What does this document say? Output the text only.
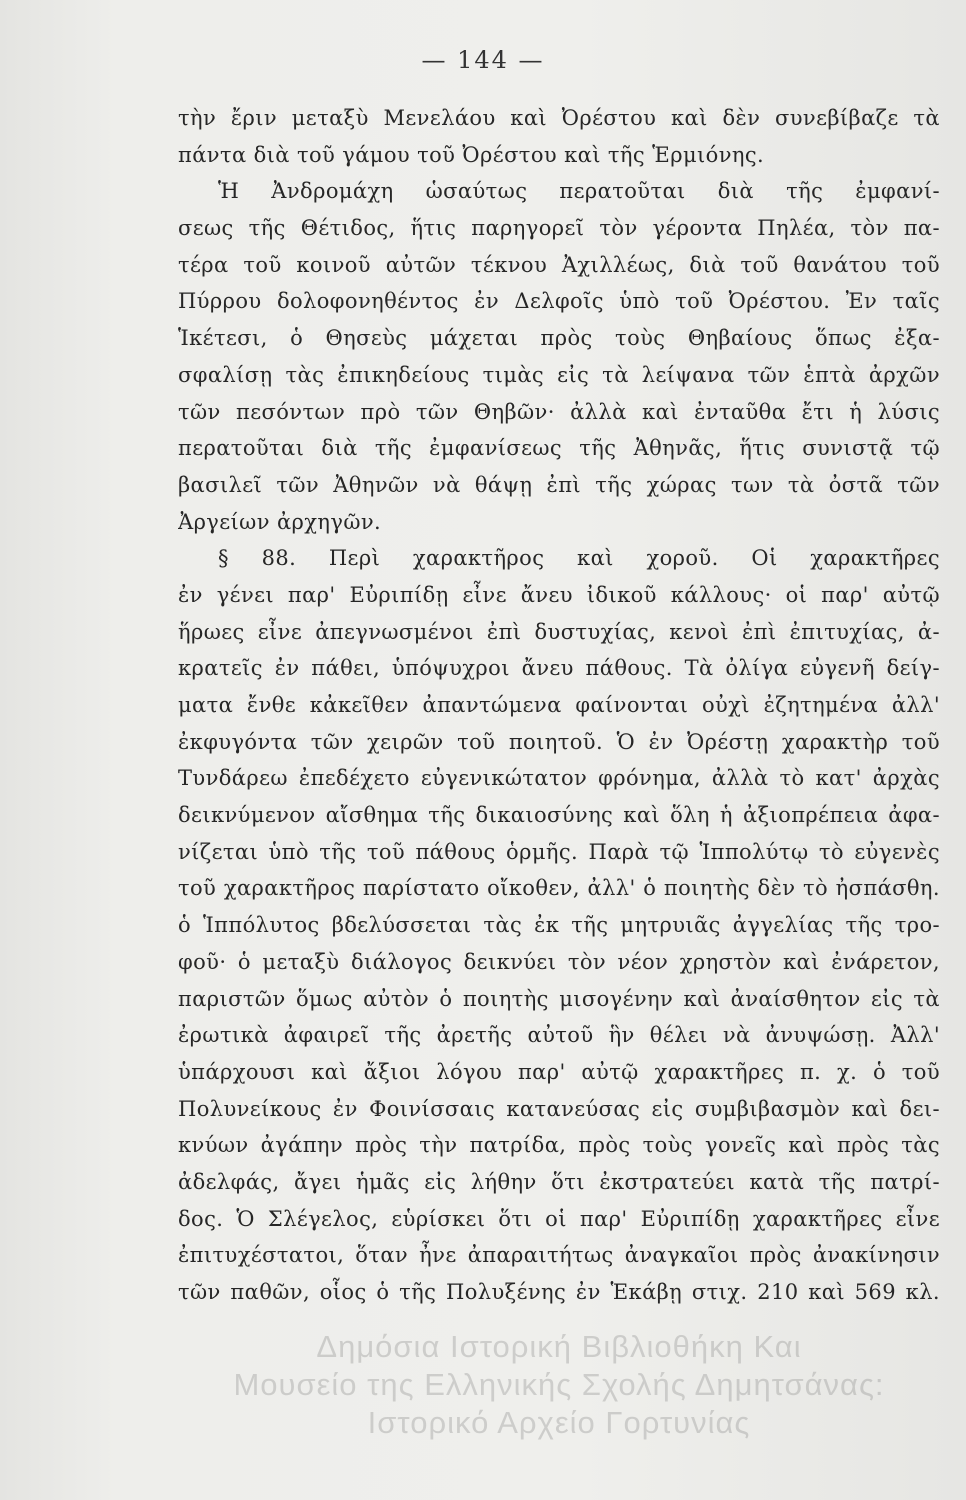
— 144 —
τὴν ἔριν μεταξὺ Μενελάου καὶ Ὀρέστου καὶ δὲν συνεβίβαζε τὰ
πάντα διὰ τοῦ γάμου τοῦ Ὀρέστου καὶ τῆς Ἑρμιόνης.
Ἡ Ἀνδρομάχη ὡσαύτως περατοῦται διὰ τῆς ἐμφανί-
σεως τῆς Θέτιδος, ἥτις παρηγορεῖ τὸν γέροντα Πηλέα, τὸν πα-
τέρα τοῦ κοινοῦ αὐτῶν τέκνου Ἀχιλλέως, διὰ τοῦ θανάτου τοῦ
Πύρρου δολοφονηθέντος ἐν Δελφοῖς ὑπὸ τοῦ Ὀρέστου. Ἐν ταῖς
Ἱκέτεσι, ὁ Θησεὺς μάχεται πρὸς τοὺς Θηβαίους ὅπως ἐξα-
σφαλίσῃ τὰς ἐπικηδείους τιμὰς εἰς τὰ λείψανα τῶν ἑπτὰ ἀρχῶν
τῶν πεσόντων πρὸ τῶν Θηβῶν· ἀλλὰ καὶ ἐνταῦθα ἔτι ἡ λύσις
περατοῦται διὰ τῆς ἐμφανίσεως τῆς Ἀθηνᾶς, ἥτις συνιστᾷ τῷ
βασιλεῖ τῶν Ἀθηνῶν νὰ θάψῃ ἐπὶ τῆς χώρας των τὰ ὀστᾶ τῶν
Ἀργείων ἀρχηγῶν.
§ 88. Περὶ χαρακτῆρος καὶ χοροῦ. Οἱ χαρακτῆρες
ἐν γένει παρ' Εὐριπίδῃ εἶνε ἄνευ ἰδικοῦ κάλλους· οἱ παρ' αὐτῷ
ἥρωες εἶνε ἀπεγνωσμένοι ἐπὶ δυστυχίας, κενοὶ ἐπὶ ἐπιτυχίας, ἀ-
κρατεῖς ἐν πάθει, ὑπόψυχροι ἄνευ πάθους. Τὰ ὀλίγα εὐγενῆ δείγ-
ματα ἔνθε κἀκεῖθεν ἀπαντώμενα φαίνονται οὐχὶ ἐζητημένα ἀλλ'
ἐκφυγόντα τῶν χειρῶν τοῦ ποιητοῦ. Ὁ ἐν Ὀρέστῃ χαρακτὴρ τοῦ
Τυνδάρεω ἐπεδέχετο εὐγενικώτατον φρόνημα, ἀλλὰ τὸ κατ' ἀρχὰς
δεικνύμενον αἴσθημα τῆς δικαιοσύνης καὶ ὅλη ἡ ἀξιοπρέπεια ἀφα-
νίζεται ὑπὸ τῆς τοῦ πάθους ὁρμῆς. Παρὰ τῷ Ἱππολύτῳ τὸ εὐγενὲς
τοῦ χαρακτῆρος παρίστατο οἴκοθεν, ἀλλ' ὁ ποιητὴς δὲν τὸ ἠσπάσθη.
ὁ Ἱππόλυτος βδελύσσεται τὰς ἐκ τῆς μητρυιᾶς ἀγγελίας τῆς τρο-
φοῦ· ὁ μεταξὺ διάλογος δεικνύει τὸν νέον χρηστὸν καὶ ἐνάρετον,
παριστῶν ὅμως αὐτὸν ὁ ποιητὴς μισογένην καὶ ἀναίσθητον εἰς τὰ
ἐρωτικὰ ἀφαιρεῖ τῆς ἀρετῆς αὐτοῦ ἣν θέλει νὰ ἀνυψώσῃ. Ἀλλ'
ὑπάρχουσι καὶ ἄξιοι λόγου παρ' αὐτῷ χαρακτῆρες π. χ. ὁ τοῦ
Πολυνείκους ἐν Φοινίσσαις κατανεύσας εἰς συμβιβασμὸν καὶ δει-
κνύων ἀγάπην πρὸς τὴν πατρίδα, πρὸς τοὺς γονεῖς καὶ πρὸς τὰς
ἀδελφάς, ἄγει ἡμᾶς εἰς λήθην ὅτι ἐκστρατεύει κατὰ τῆς πατρί-
δος. Ὁ Σλέγελος, εὑρίσκει ὅτι οἱ παρ' Εὐριπίδῃ χαρακτῆρες εἶνε
ἐπιτυχέστατοι, ὅταν ἦνε ἀπαραιτήτως ἀναγκαῖοι πρὸς ἀνακίνησιν
τῶν παθῶν, οἷος ὁ τῆς Πολυξένης ἐν Ἑκάβῃ στιχ. 210 καὶ 569 κλ.
Δημόσια Ιστορική Βιβλιοθήκη Και
Μουσείο της Ελληνικής Σχολής Δημητσάνας:
Ιστορικό Αρχείο Γορτυνίας
